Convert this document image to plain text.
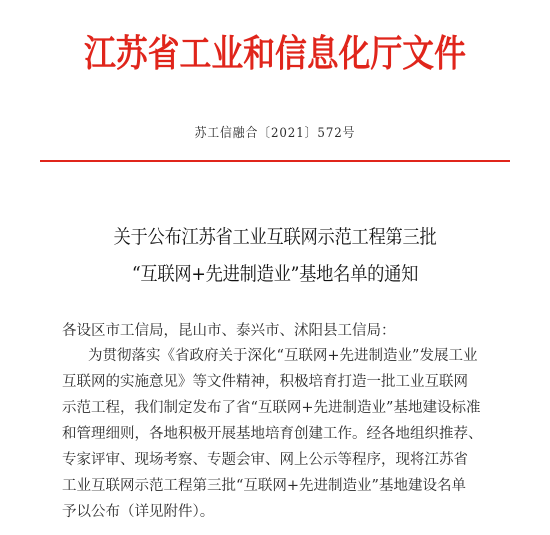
江苏省工业和信息化厅文件
苏工信融合〔2021〕572号
关于公布江苏省工业互联网示范工程第三批
“互联网+先进制造业”基地名单的通知
各设区市工信局，昆山市、泰兴市、沭阳县工信局：
为贯彻落实《省政府关于深化“互联网+先进制造业”发展工业
互联网的实施意见》等文件精神，积极培育打造一批工业互联网
示范工程，我们制定发布了省“互联网+先进制造业”基地建设标准
和管理细则，各地积极开展基地培育创建工作。经各地组织推荐、
专家评审、现场考察、专题会审、网上公示等程序，现将江苏省
工业互联网示范工程第三批“互联网+先进制造业”基地建设名单
予以公布（详见附件）。
